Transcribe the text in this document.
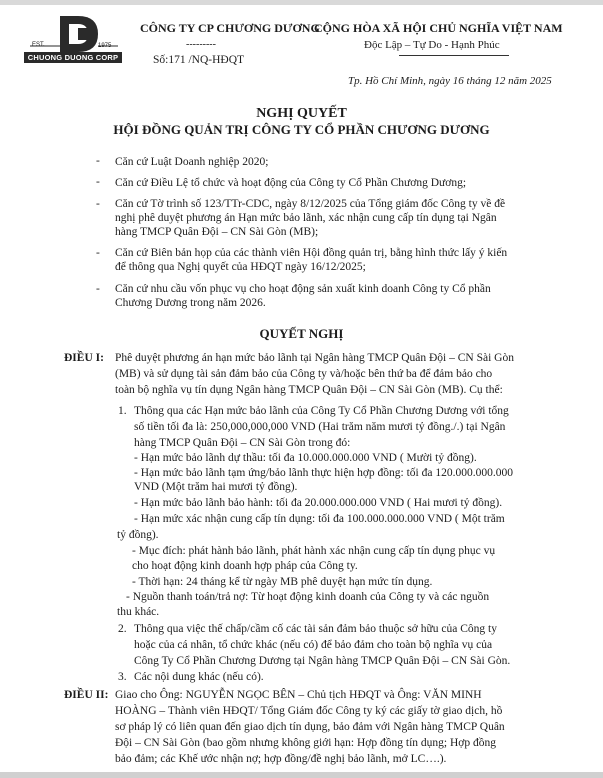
EST.	1975
CHUONG DUONG CORP
CÔNG TY CP CHƯƠNG DƯƠNG
---------
Số:171 /NQ-HĐQT
CỘNG HÒA XÃ HỘI CHỦ NGHĨA VIỆT NAM
Độc Lập – Tự Do - Hạnh Phúc
Tp. Hồ Chí Minh, ngày 16 tháng 12 năm 2025
NGHỊ QUYẾT
HỘI ĐỒNG QUẢN TRỊ CÔNG TY CỔ PHẦN CHƯƠNG DƯƠNG
- Căn cứ Luật Doanh nghiệp 2020;
- Căn cứ Điều Lệ tổ chức và hoạt động của Công ty Cổ Phần Chương Dương;
- Căn cứ Tờ trình số 123/TTr-CDC, ngày 8/12/2025 của Tổng giám đốc Công ty về đề
nghị phê duyệt phương án Hạn mức bảo lãnh, xác nhận cung cấp tín dụng tại Ngân
hàng TMCP Quân Đội – CN Sài Gòn (MB);
- Căn cứ Biên bản họp của các thành viên Hội đồng quản trị, bằng hình thức lấy ý kiến
để thông qua Nghị quyết của HĐQT ngày 16/12/2025;
- Căn cứ nhu cầu vốn phục vụ cho hoạt động sản xuất kinh doanh Công ty Cổ phần
Chương Dương trong năm 2026.
QUYẾT NGHỊ
ĐIỀU I: Phê duyệt phương án hạn mức bảo lãnh tại Ngân hàng TMCP Quân Đội – CN Sài Gòn
(MB) và sử dụng tài sản đảm bảo của Công ty và/hoặc bên thứ ba để đảm bảo cho
toàn bộ nghĩa vụ tín dụng Ngân hàng TMCP Quân Đội – CN Sài Gòn (MB). Cụ thể:
1. Thông qua các Hạn mức bảo lãnh của Công Ty Cổ Phần Chương Dương với tổng
số tiền tối đa là: 250,000,000,000 VND (Hai trăm năm mươi tỷ đồng./.) tại Ngân
hàng TMCP Quân Đội – CN Sài Gòn trong đó:
- Hạn mức bảo lãnh dự thầu: tối đa 10.000.000.000 VND ( Mười tỷ đồng).
- Hạn mức bảo lãnh tạm ứng/bảo lãnh thực hiện hợp đồng: tối đa 120.000.000.000
VND (Một trăm hai mươi tỷ đồng).
- Hạn mức bảo lãnh bảo hành: tối đa 20.000.000.000 VND ( Hai mươi tỷ đồng).
- Hạn mức xác nhận cung cấp tín dụng: tối đa 100.000.000.000 VND ( Một trăm
tỷ đồng).
- Mục đích: phát hành bảo lãnh, phát hành xác nhận cung cấp tín dụng phục vụ
cho hoạt động kinh doanh hợp pháp của Công ty.
- Thời hạn: 24 tháng kể từ ngày MB phê duyệt hạn mức tín dụng.
- Nguồn thanh toán/trả nợ: Từ hoạt động kinh doanh của Công ty và các nguồn
thu khác.
2. Thông qua việc thế chấp/cầm cố các tài sản đảm bảo thuộc sở hữu của Công ty
hoặc của cá nhân, tổ chức khác (nếu có) để bảo đảm cho toàn bộ nghĩa vụ của
Công Ty Cổ Phần Chương Dương tại Ngân hàng TMCP Quân Đội – CN Sài Gòn.
3. Các nội dung khác (nếu có).
ĐIỀU II: Giao cho Ông: NGUYỄN NGỌC BÊN – Chủ tịch HĐQT và Ông: VĂN MINH
HOÀNG – Thành viên HĐQT/ Tổng Giám đốc Công ty ký các giấy tờ giao dịch, hồ
sơ pháp lý có liên quan đến giao dịch tín dụng, bảo đảm với Ngân hàng TMCP Quân
Đội – CN Sài Gòn (bao gồm nhưng không giới hạn: Hợp đồng tín dụng; Hợp đồng
bảo đảm; các Khế ước nhận nợ; hợp đồng/đề nghị bảo lãnh, mở LC….).
